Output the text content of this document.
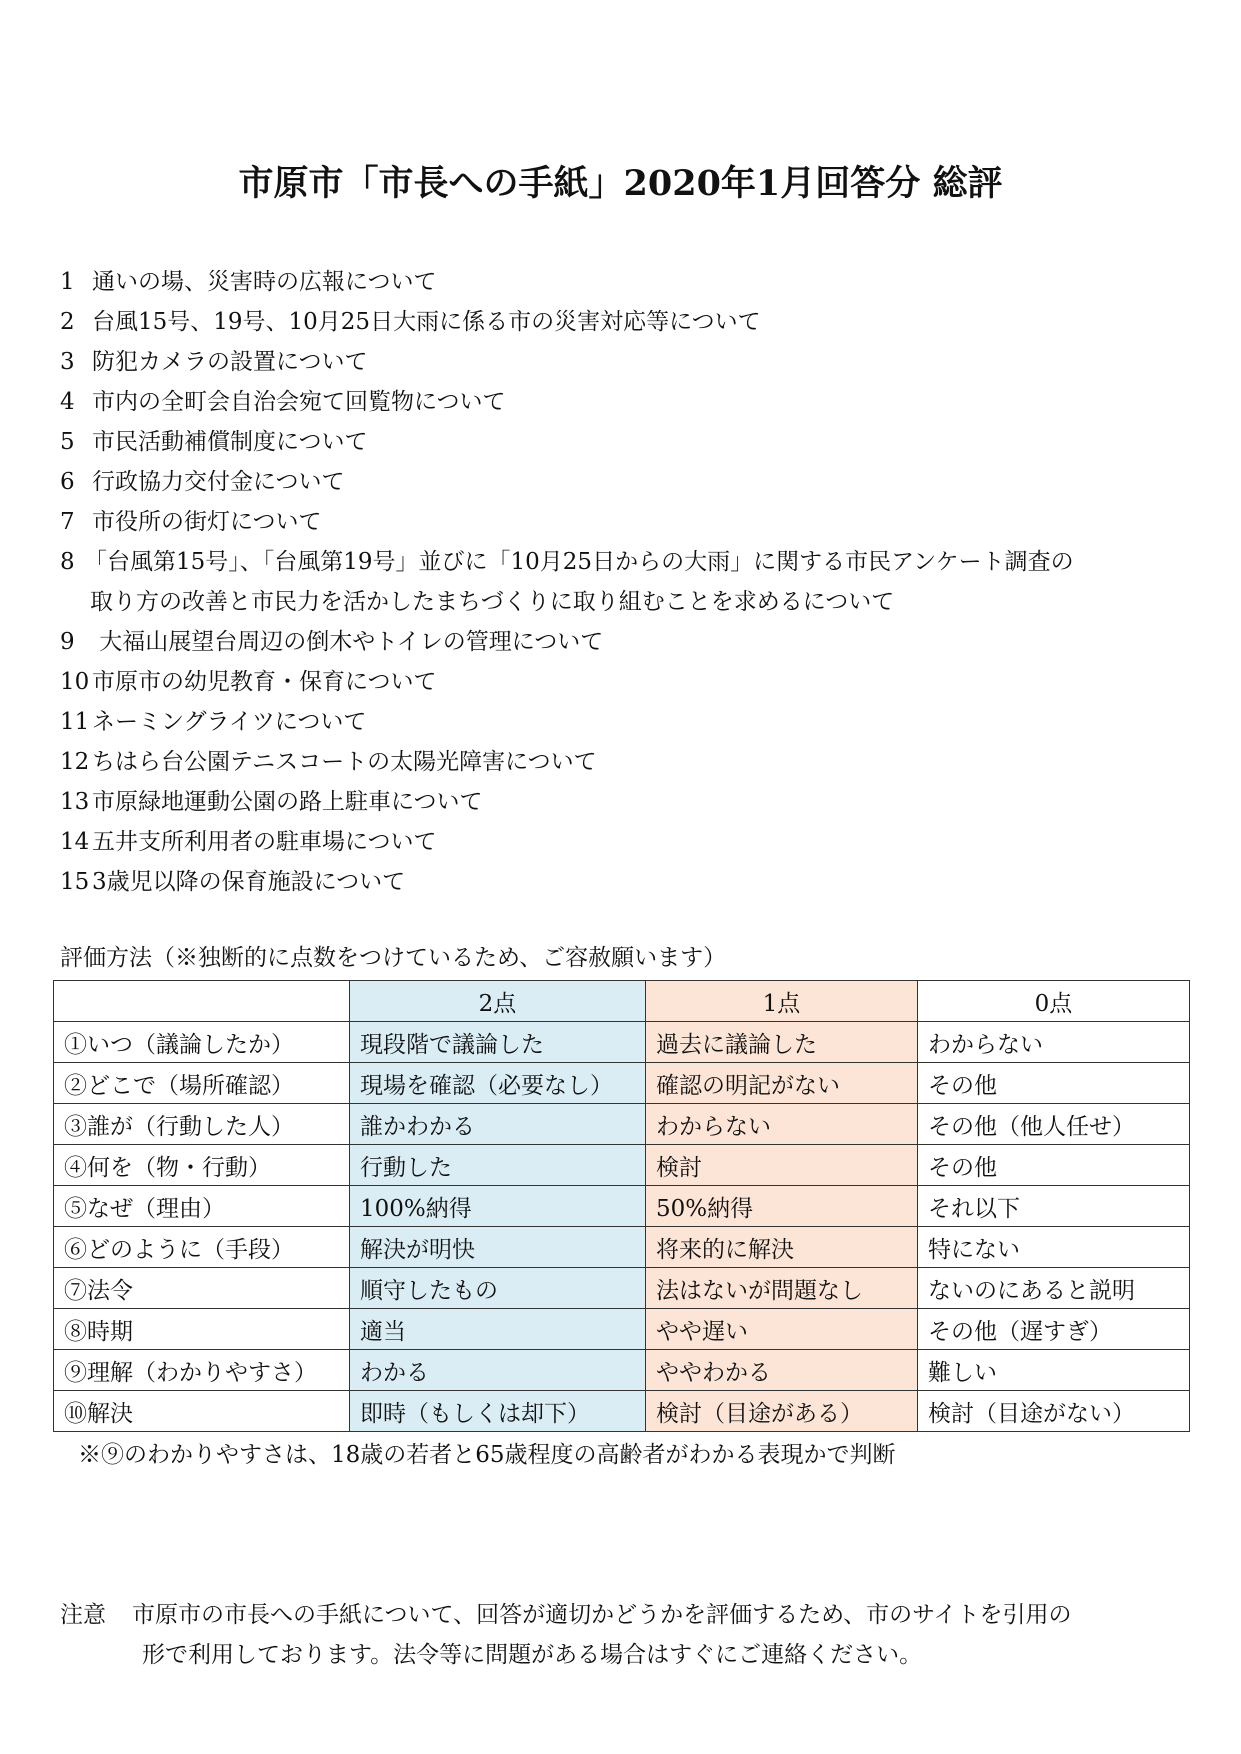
市原市「市長への手紙」2020年1月回答分 総評
1 通いの場、災害時の広報について
2 台風15号、19号、10月25日大雨に係る市の災害対応等について
3 防犯カメラの設置について
4 市内の全町会自治会宛て回覧物について
5 市民活動補償制度について
6 行政協力交付金について
7 市役所の街灯について
8 「台風第15号」、「台風第19号」並びに「10月25日からの大雨」に関する市民アンケート調査の
取り方の改善と市民力を活かしたまちづくりに取り組むことを求めるについて
9 大福山展望台周辺の倒木やトイレの管理について
10 市原市の幼児教育・保育について
11 ネーミングライツについて
12 ちはら台公園テニスコートの太陽光障害について
13 市原緑地運動公園の路上駐車について
14 五井支所利用者の駐車場について
15 3歳児以降の保育施設について
評価方法（※独断的に点数をつけているため、ご容赦願います）
	2点	1点	0点
①いつ（議論したか）	現段階で議論した	過去に議論した	わからない
②どこで（場所確認）	現場を確認（必要なし）	確認の明記がない	その他
③誰が（行動した人）	誰かわかる	わからない	その他（他人任せ）
④何を（物・行動）	行動した	検討	その他
⑤なぜ（理由）	100%納得	50%納得	それ以下
⑥どのように（手段）	解決が明快	将来的に解決	特にない
⑦法令	順守したもの	法はないが問題なし	ないのにあると説明
⑧時期	適当	やや遅い	その他（遅すぎ）
⑨理解（わかりやすさ）	わかる	ややわかる	難しい
⑩解決	即時（もしくは却下）	検討（目途がある）	検討（目途がない）
※⑨のわかりやすさは、18歳の若者と65歳程度の高齢者がわかる表現かで判断
注意 市原市の市長への手紙について、回答が適切かどうかを評価するため、市のサイトを引用の
形で利用しております。法令等に問題がある場合はすぐにご連絡ください。
